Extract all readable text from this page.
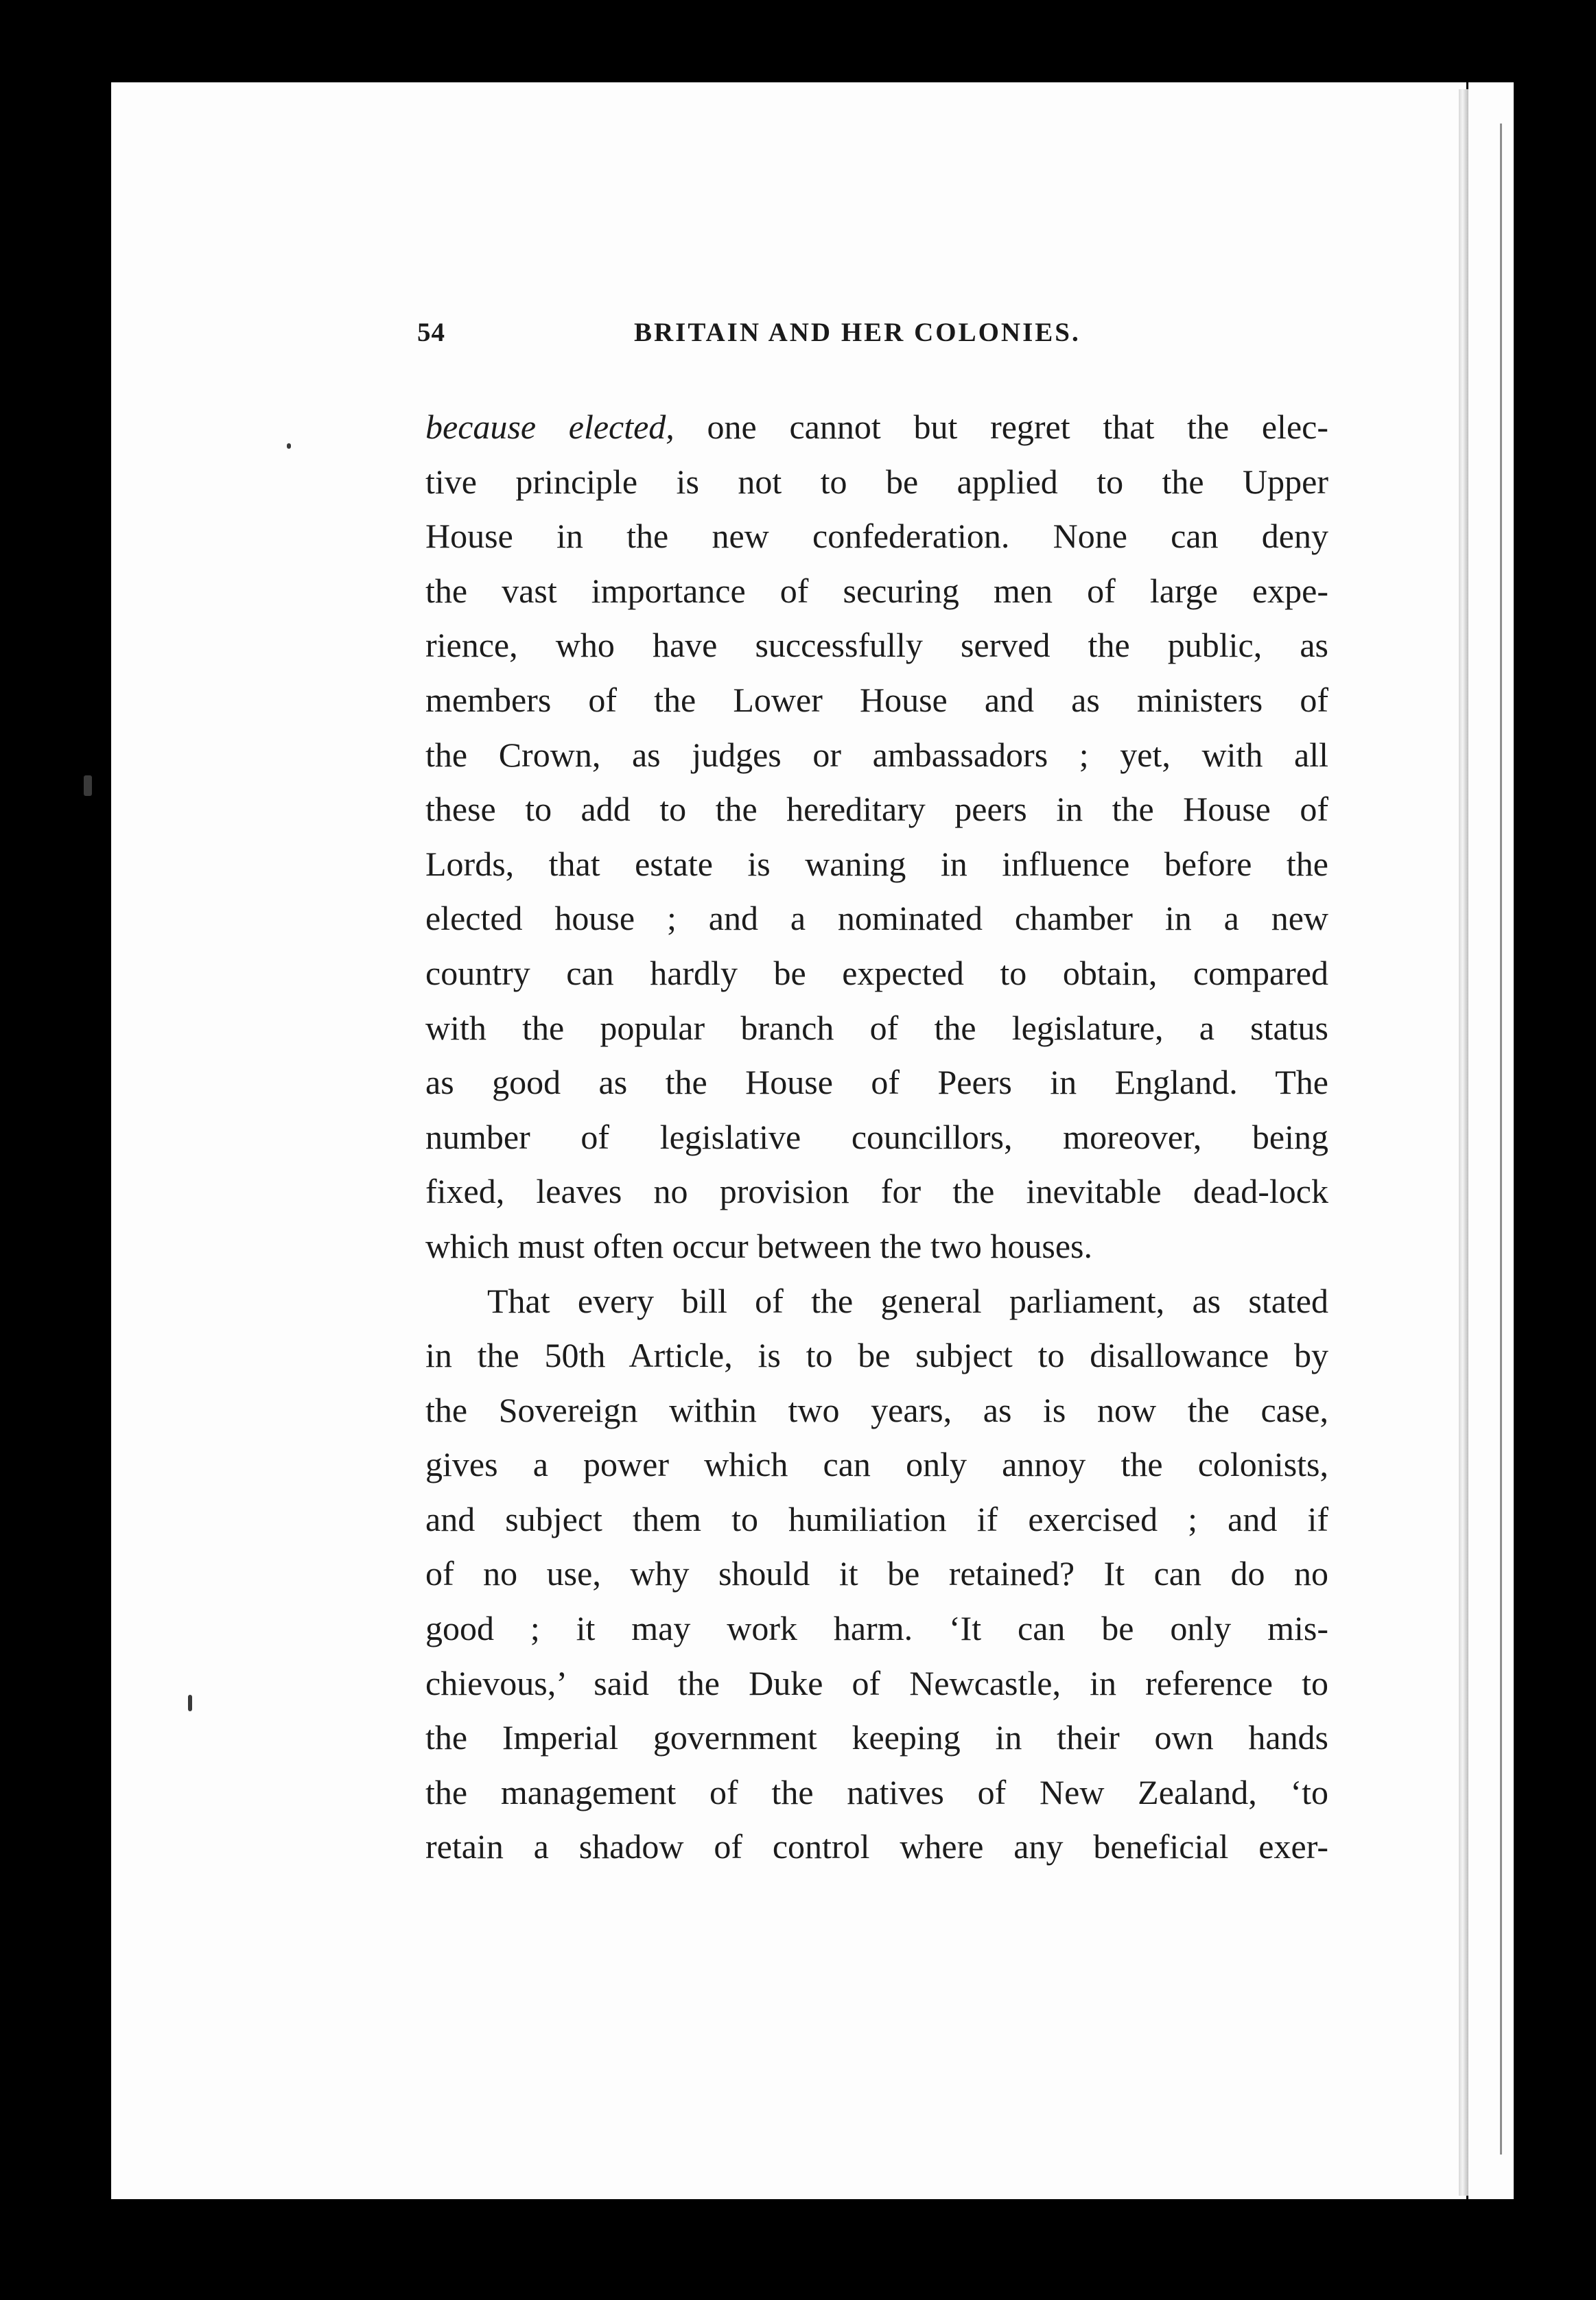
54	BRITAIN AND HER COLONIES.
because elected, one cannot but regret that the elec-
tive principle is not to be applied to the Upper
House in the new confederation. None can deny
the vast importance of securing men of large expe-
rience, who have successfully served the public, as
members of the Lower House and as ministers of
the Crown, as judges or ambassadors ; yet, with all
these to add to the hereditary peers in the House of
Lords, that estate is waning in influence before the
elected house ; and a nominated chamber in a new
country can hardly be expected to obtain, compared
with the popular branch of the legislature, a status
as good as the House of Peers in England. The
number of legislative councillors, moreover, being
fixed, leaves no provision for the inevitable dead-lock
which must often occur between the two houses.
That every bill of the general parliament, as stated
in the 50th Article, is to be subject to disallowance by
the Sovereign within two years, as is now the case,
gives a power which can only annoy the colonists,
and subject them to humiliation if exercised ; and if
of no use, why should it be retained? It can do no
good ; it may work harm. ‘It can be only mis-
chievous,’ said the Duke of Newcastle, in reference to
the Imperial government keeping in their own hands
the management of the natives of New Zealand, ‘to
retain a shadow of control where any beneficial exer-
